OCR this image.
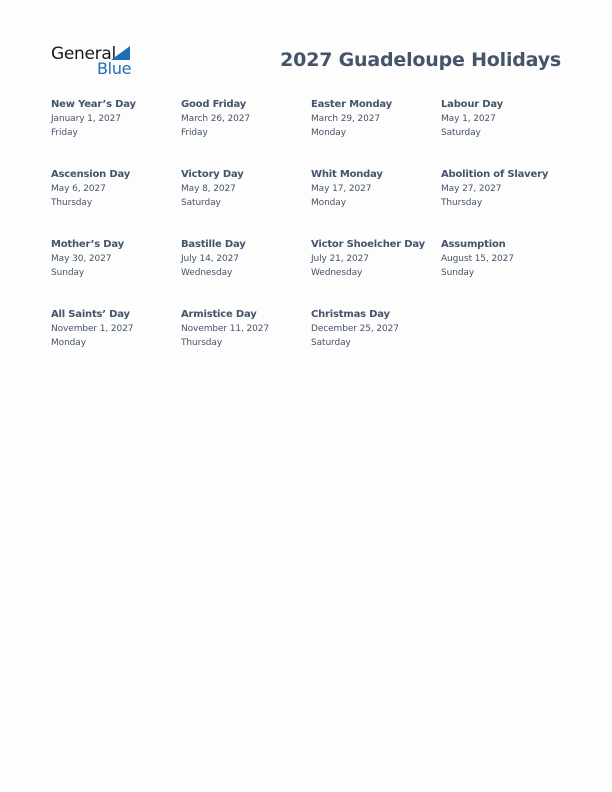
General
Blue	2027 Guadeloupe Holidays
New Year’s Day
January 1, 2027
Friday
Good Friday
March 26, 2027
Friday
Easter Monday
March 29, 2027
Monday
Labour Day
May 1, 2027
Saturday
Ascension Day
May 6, 2027
Thursday
Victory Day
May 8, 2027
Saturday
Whit Monday
May 17, 2027
Monday
Abolition of Slavery
May 27, 2027
Thursday
Mother’s Day
May 30, 2027
Sunday
Bastille Day
July 14, 2027
Wednesday
Victor Shoelcher Day
July 21, 2027
Wednesday
Assumption
August 15, 2027
Sunday
All Saints’ Day
November 1, 2027
Monday
Armistice Day
November 11, 2027
Thursday
Christmas Day
December 25, 2027
Saturday
